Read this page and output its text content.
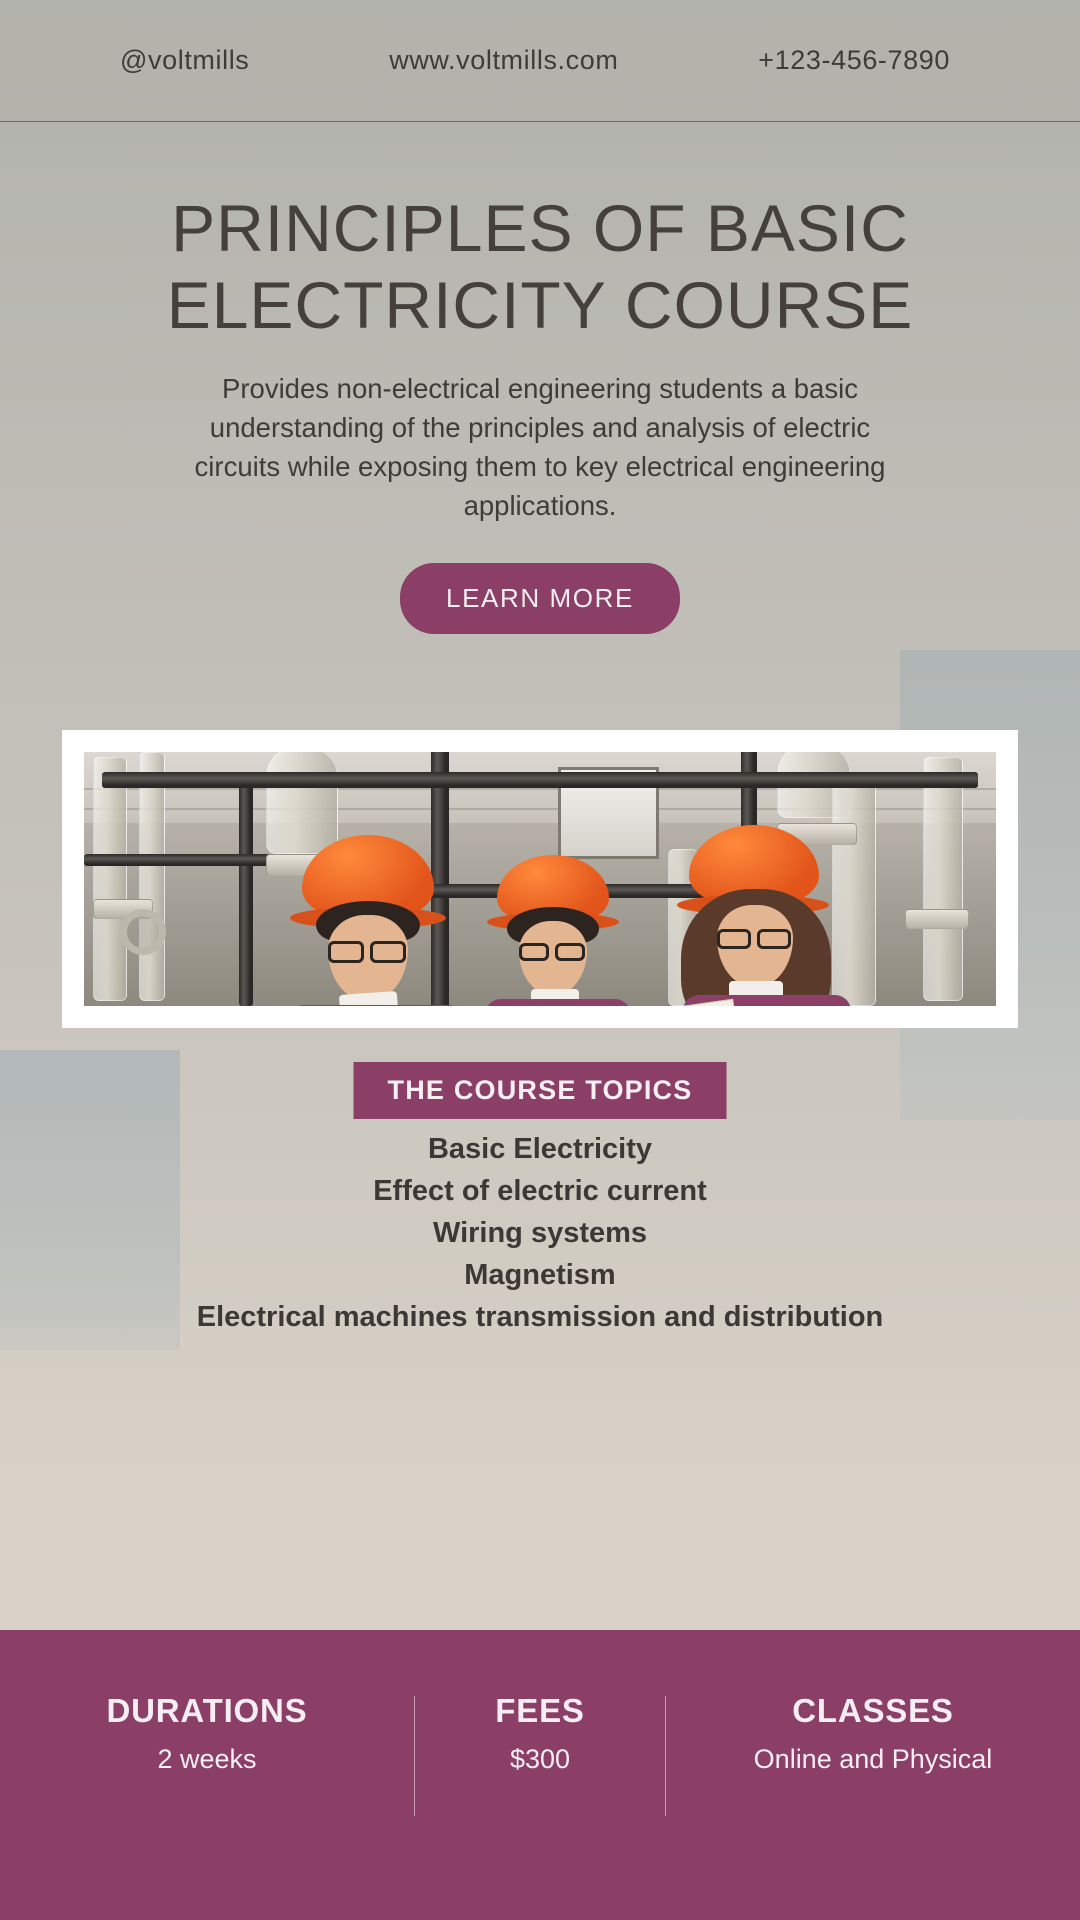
@voltmills	www.voltmills.com	+123-456-7890
PRINCIPLES OF BASIC ELECTRICITY COURSE

Provides non-electrical engineering students a basic understanding of the principles and analysis of electric circuits while exposing them to key electrical engineering applications.

LEARN MORE
THE COURSE TOPICS
Basic Electricity
Effect of electric current
Wiring systems
Magnetism
Electrical machines transmission and distribution
DURATIONS
2 weeks
FEES
$300
CLASSES
Online and Physical
